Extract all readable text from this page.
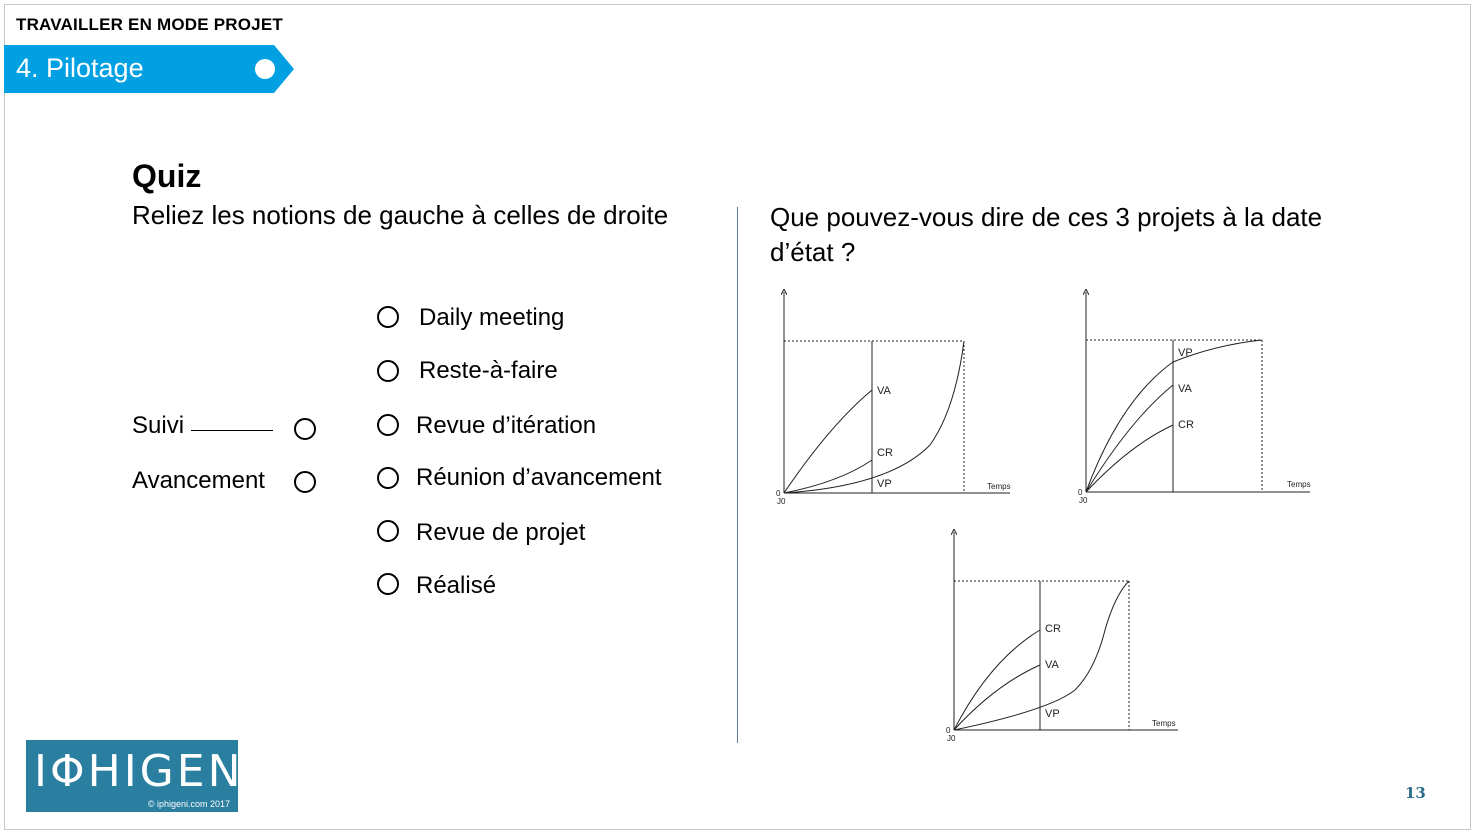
TRAVAILLER EN MODE PROJET
4. Pilotage
Quiz
Reliez les notions de gauche à celles de droite	Que pouvez-vous dire de ces 3 projets à la date d’état ?
Suivi
Avancement
Daily meeting
Reste-à-faire
Revue d’itération
Réunion d’avancement
Revue de projet
Réalisé
VA
CR
VP
0
J0
Temps
VP
VA
CR
0
J0
Temps
CR
VA
VP
0
J0
Temps
IΦHIGENI
© iphigeni.com 2017
13
